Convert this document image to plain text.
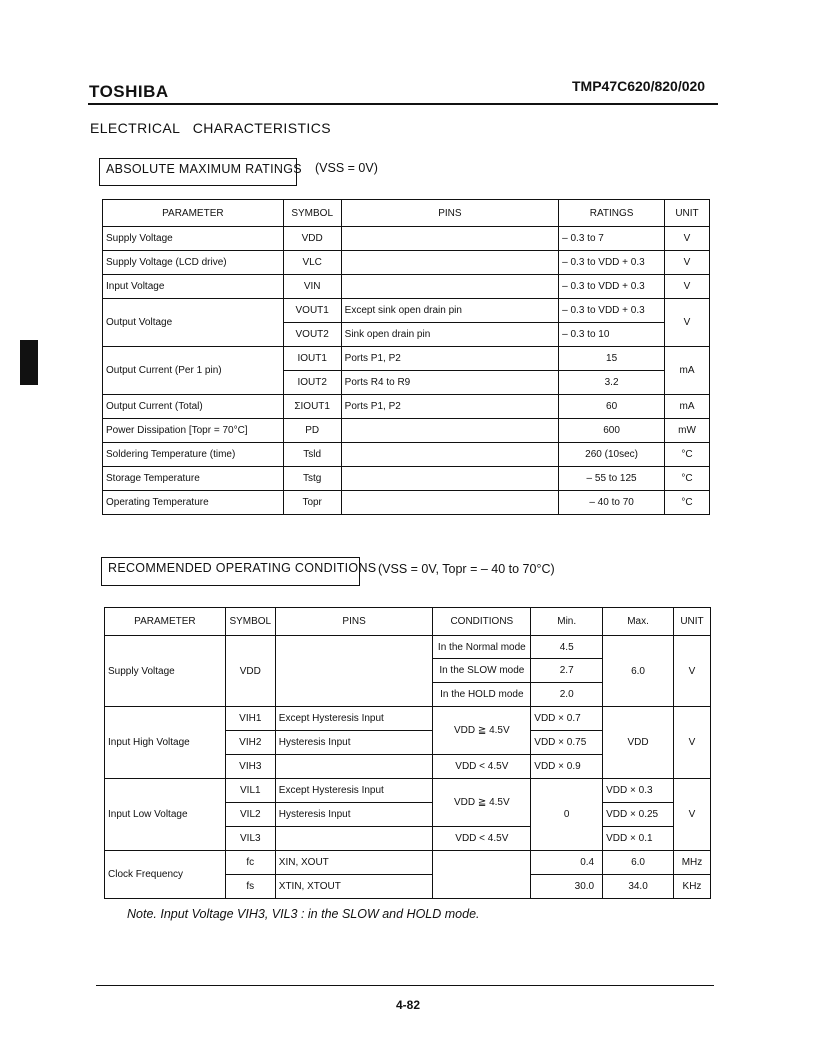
TOSHIBA	TMP47C620/820/020
ELECTRICAL   CHARACTERISTICS
ABSOLUTE MAXIMUM RATINGS (VSS = 0V)
PARAMETER	SYMBOL	PINS	RATINGS	UNIT
Supply Voltage	VDD		– 0.3 to 7	V
Supply Voltage (LCD drive)	VLC		– 0.3 to VDD + 0.3	V
Input Voltage	VIN		– 0.3 to VDD + 0.3	V
Output Voltage	VOUT1	Except sink open drain pin	– 0.3 to VDD + 0.3	V
	VOUT2	Sink open drain pin	– 0.3 to 10	
Output Current (Per 1 pin)	IOUT1	Ports P1, P2	15	mA
	IOUT2	Ports R4 to R9	3.2	
Output Current (Total)	ΣIOUT1	Ports P1, P2	60	mA
Power Dissipation [Topr = 70°C]	PD		600	mW
Soldering Temperature (time)	Tsld		260 (10sec)	°C
Storage Temperature	Tstg		– 55 to 125	°C
Operating Temperature	Topr		– 40 to 70	°C
RECOMMENDED OPERATING CONDITIONS (VSS = 0V, Topr = – 40 to 70°C)
PARAMETER	SYMBOL	PINS	CONDITIONS	Min.	Max.	UNIT
Supply Voltage	VDD		In the Normal mode	4.5	6.0	V
			In the SLOW mode	2.7		
			In the HOLD mode	2.0		
Input High Voltage	VIH1	Except Hysteresis Input	VDD ≧ 4.5V	VDD × 0.7	VDD	V
	VIH2	Hysteresis Input		VDD × 0.75		
	VIH3		VDD < 4.5V	VDD × 0.9		
Input Low Voltage	VIL1	Except Hysteresis Input	VDD ≧ 4.5V	0	VDD × 0.3	V
	VIL2	Hysteresis Input			VDD × 0.25	
	VIL3		VDD < 4.5V		VDD × 0.1	
Clock Frequency	fc	XIN, XOUT		0.4	6.0	MHz
	fs	XTIN, XTOUT		30.0	34.0	KHz
Note. Input Voltage VIH3, VIL3 : in the SLOW and HOLD mode.
4-82
